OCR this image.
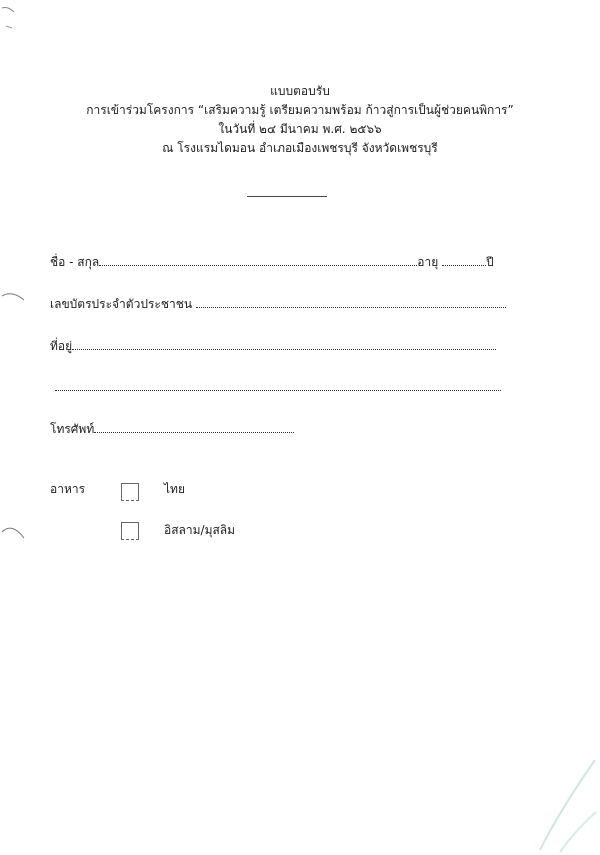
แบบตอบรับ
การเข้าร่วมโครงการ “เสริมความรู้ เตรียมความพร้อม ก้าวสู่การเป็นผู้ช่วยคนพิการ”
ในวันที่ ๒๔ มีนาคม พ.ศ. ๒๕๖๖
ณ โรงแรมไดมอน อำเภอเมืองเพชรบุรี จังหวัดเพชรบุรี
ชื่อ - สกุล	อายุ	ปี
เลขบัตรประจำตัวประชาชน
ที่อยู่
โทรศัพท์
อาหาร	ไทย
อิสลาม/มุสลิม
